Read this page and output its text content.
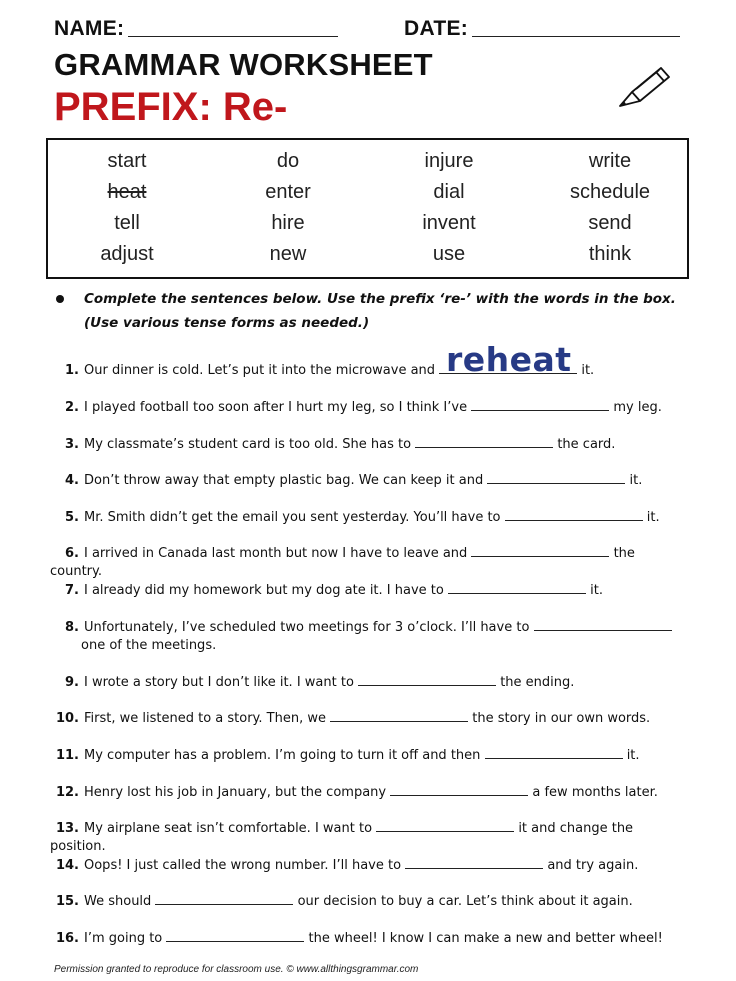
NAME:	DATE:
GRAMMAR WORKSHEET
PREFIX: Re-
start	do	injure	write
heat	enter	dial	schedule
tell	hire	invent	send
adjust	new	use	think
Complete the sentences below. Use the prefix ‘re-’ with the words in the box.
(Use various tense forms as needed.)
1. Our dinner is cold. Let’s put it into the microwave and	it.
reheat
2. I played football too soon after I hurt my leg, so I think I’ve	my leg.
3. My classmate’s student card is too old. She has to	the card.
4. Don’t throw away that empty plastic bag. We can keep it and	it.
5. Mr. Smith didn’t get the email you sent yesterday. You’ll have to	it.
6. I arrived in Canada last month but now I have to leave and	the country.
7. I already did my homework but my dog ate it. I have to	it.
8. Unfortunately, I’ve scheduled two meetings for 3 o’clock. I’ll have to
one of the meetings.
9. I wrote a story but I don’t like it. I want to	the ending.
10. First, we listened to a story. Then, we	the story in our own words.
11. My computer has a problem. I’m going to turn it off and then	it.
12. Henry lost his job in January, but the company	a few months later.
13. My airplane seat isn’t comfortable. I want to	it and change the position.
14. Oops! I just called the wrong number. I’ll have to	and try again.
15. We should	our decision to buy a car. Let’s think about it again.
16. I’m going to	the wheel! I know I can make a new and better wheel!
Permission granted to reproduce for classroom use. © www.allthingsgrammar.com
